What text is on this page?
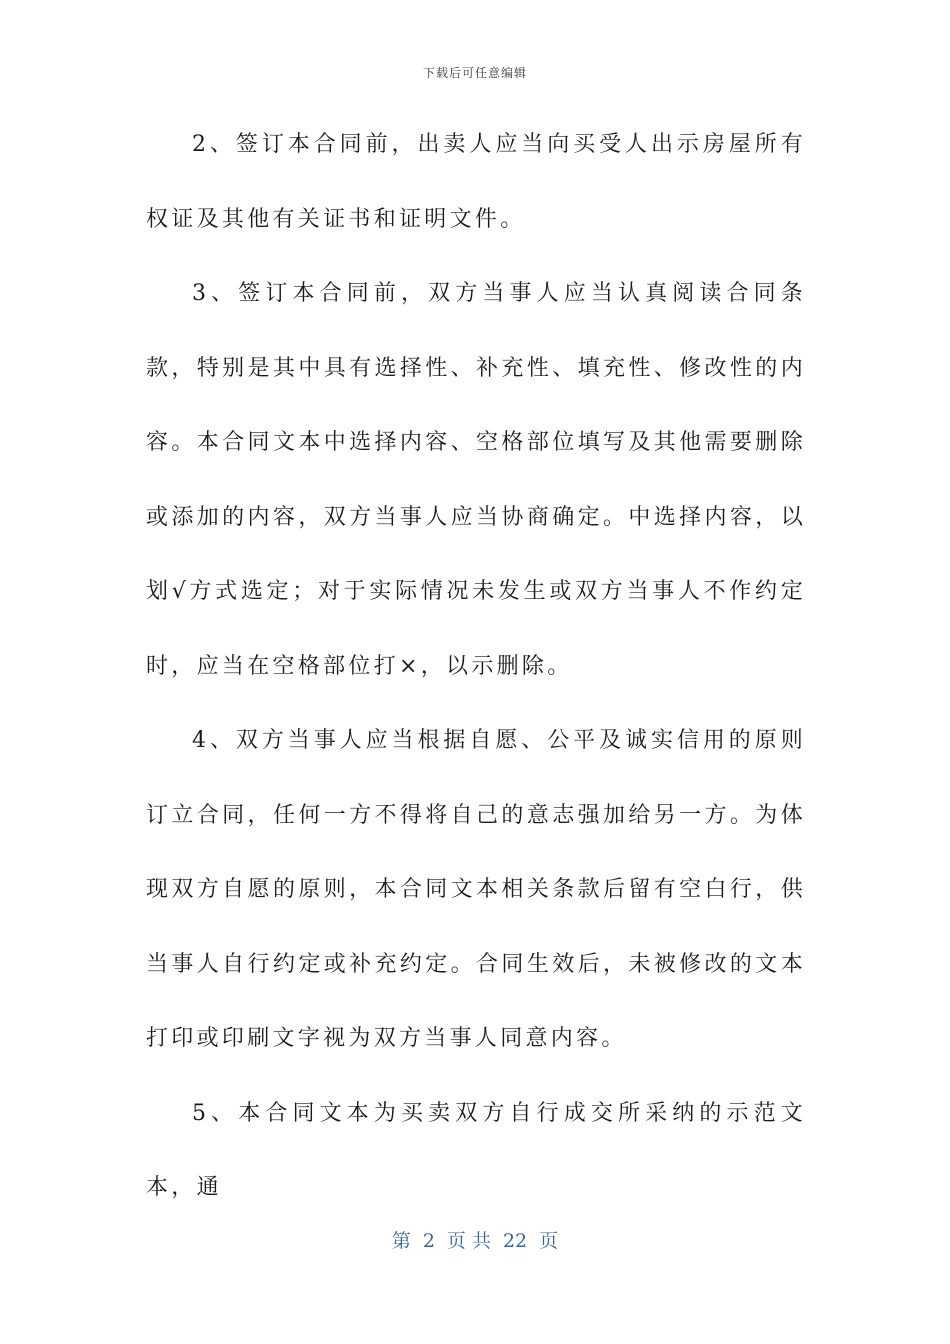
下载后可任意编辑

2、签订本合同前，出卖人应当向买受人出示房屋所有权证及其他有关证书和证明文件。

3、签订本合同前，双方当事人应当认真阅读合同条款，特别是其中具有选择性、补充性、填充性、修改性的内容。本合同文本中选择内容、空格部位填写及其他需要删除或添加的内容，双方当事人应当协商确定。中选择内容，以划√方式选定；对于实际情况未发生或双方当事人不作约定时，应当在空格部位打×，以示删除。

4、双方当事人应当根据自愿、公平及诚实信用的原则订立合同，任何一方不得将自己的意志强加给另一方。为体现双方自愿的原则，本合同文本相关条款后留有空白行，供当事人自行约定或补充约定。合同生效后，未被修改的文本打印或印刷文字视为双方当事人同意内容。

5、本合同文本为买卖双方自行成交所采纳的示范文本，通

第 2 页 共 22 页
